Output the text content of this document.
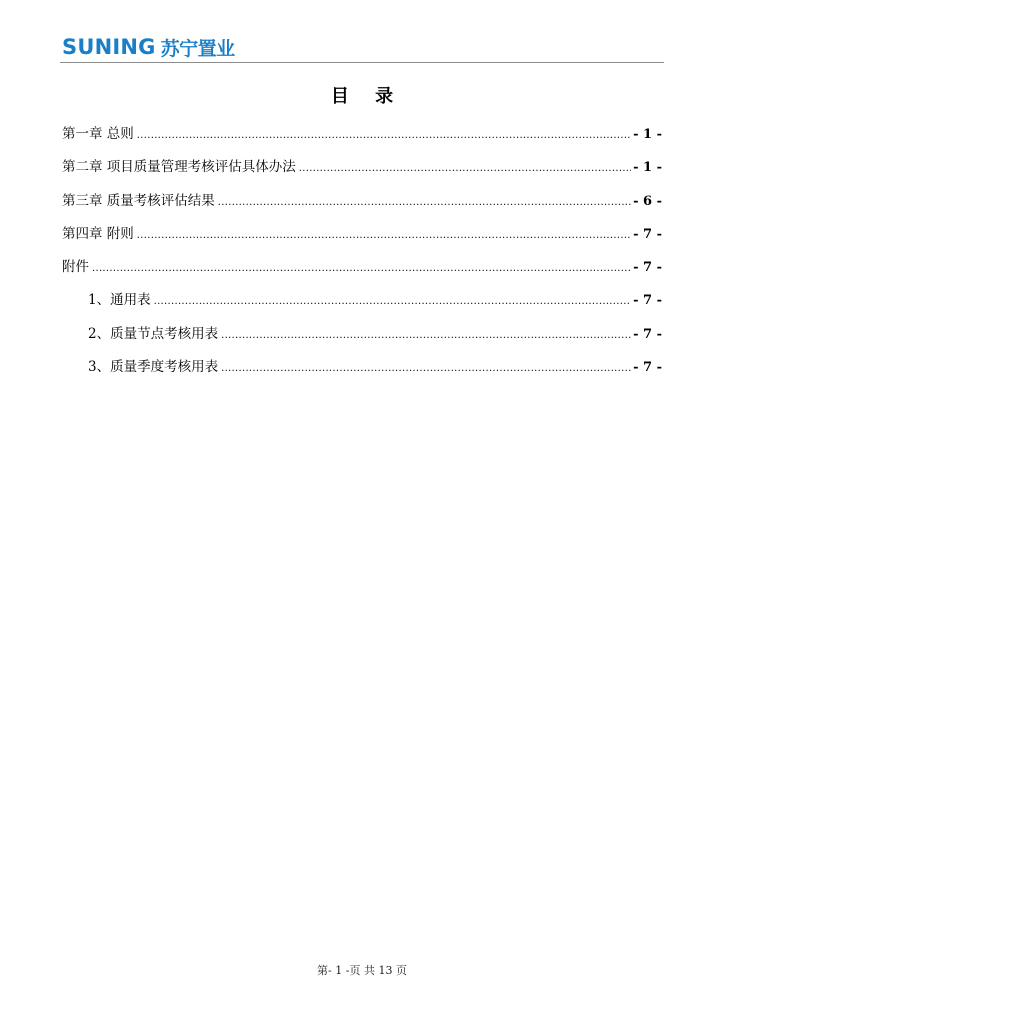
SUNING 苏宁置业
目 录
第一章 总则 .....	- 1 -
第二章 项目质量管理考核评估具体办法 .....	- 1 -
第三章 质量考核评估结果 .....	- 6 -
第四章 附则 .....	- 7 -
附件 .....	- 7 -
1、通用表 .....	- 7 -
2、质量节点考核用表 .....	- 7 -
3、质量季度考核用表 .....	- 7 -
第- 1 -页 共 13 页
